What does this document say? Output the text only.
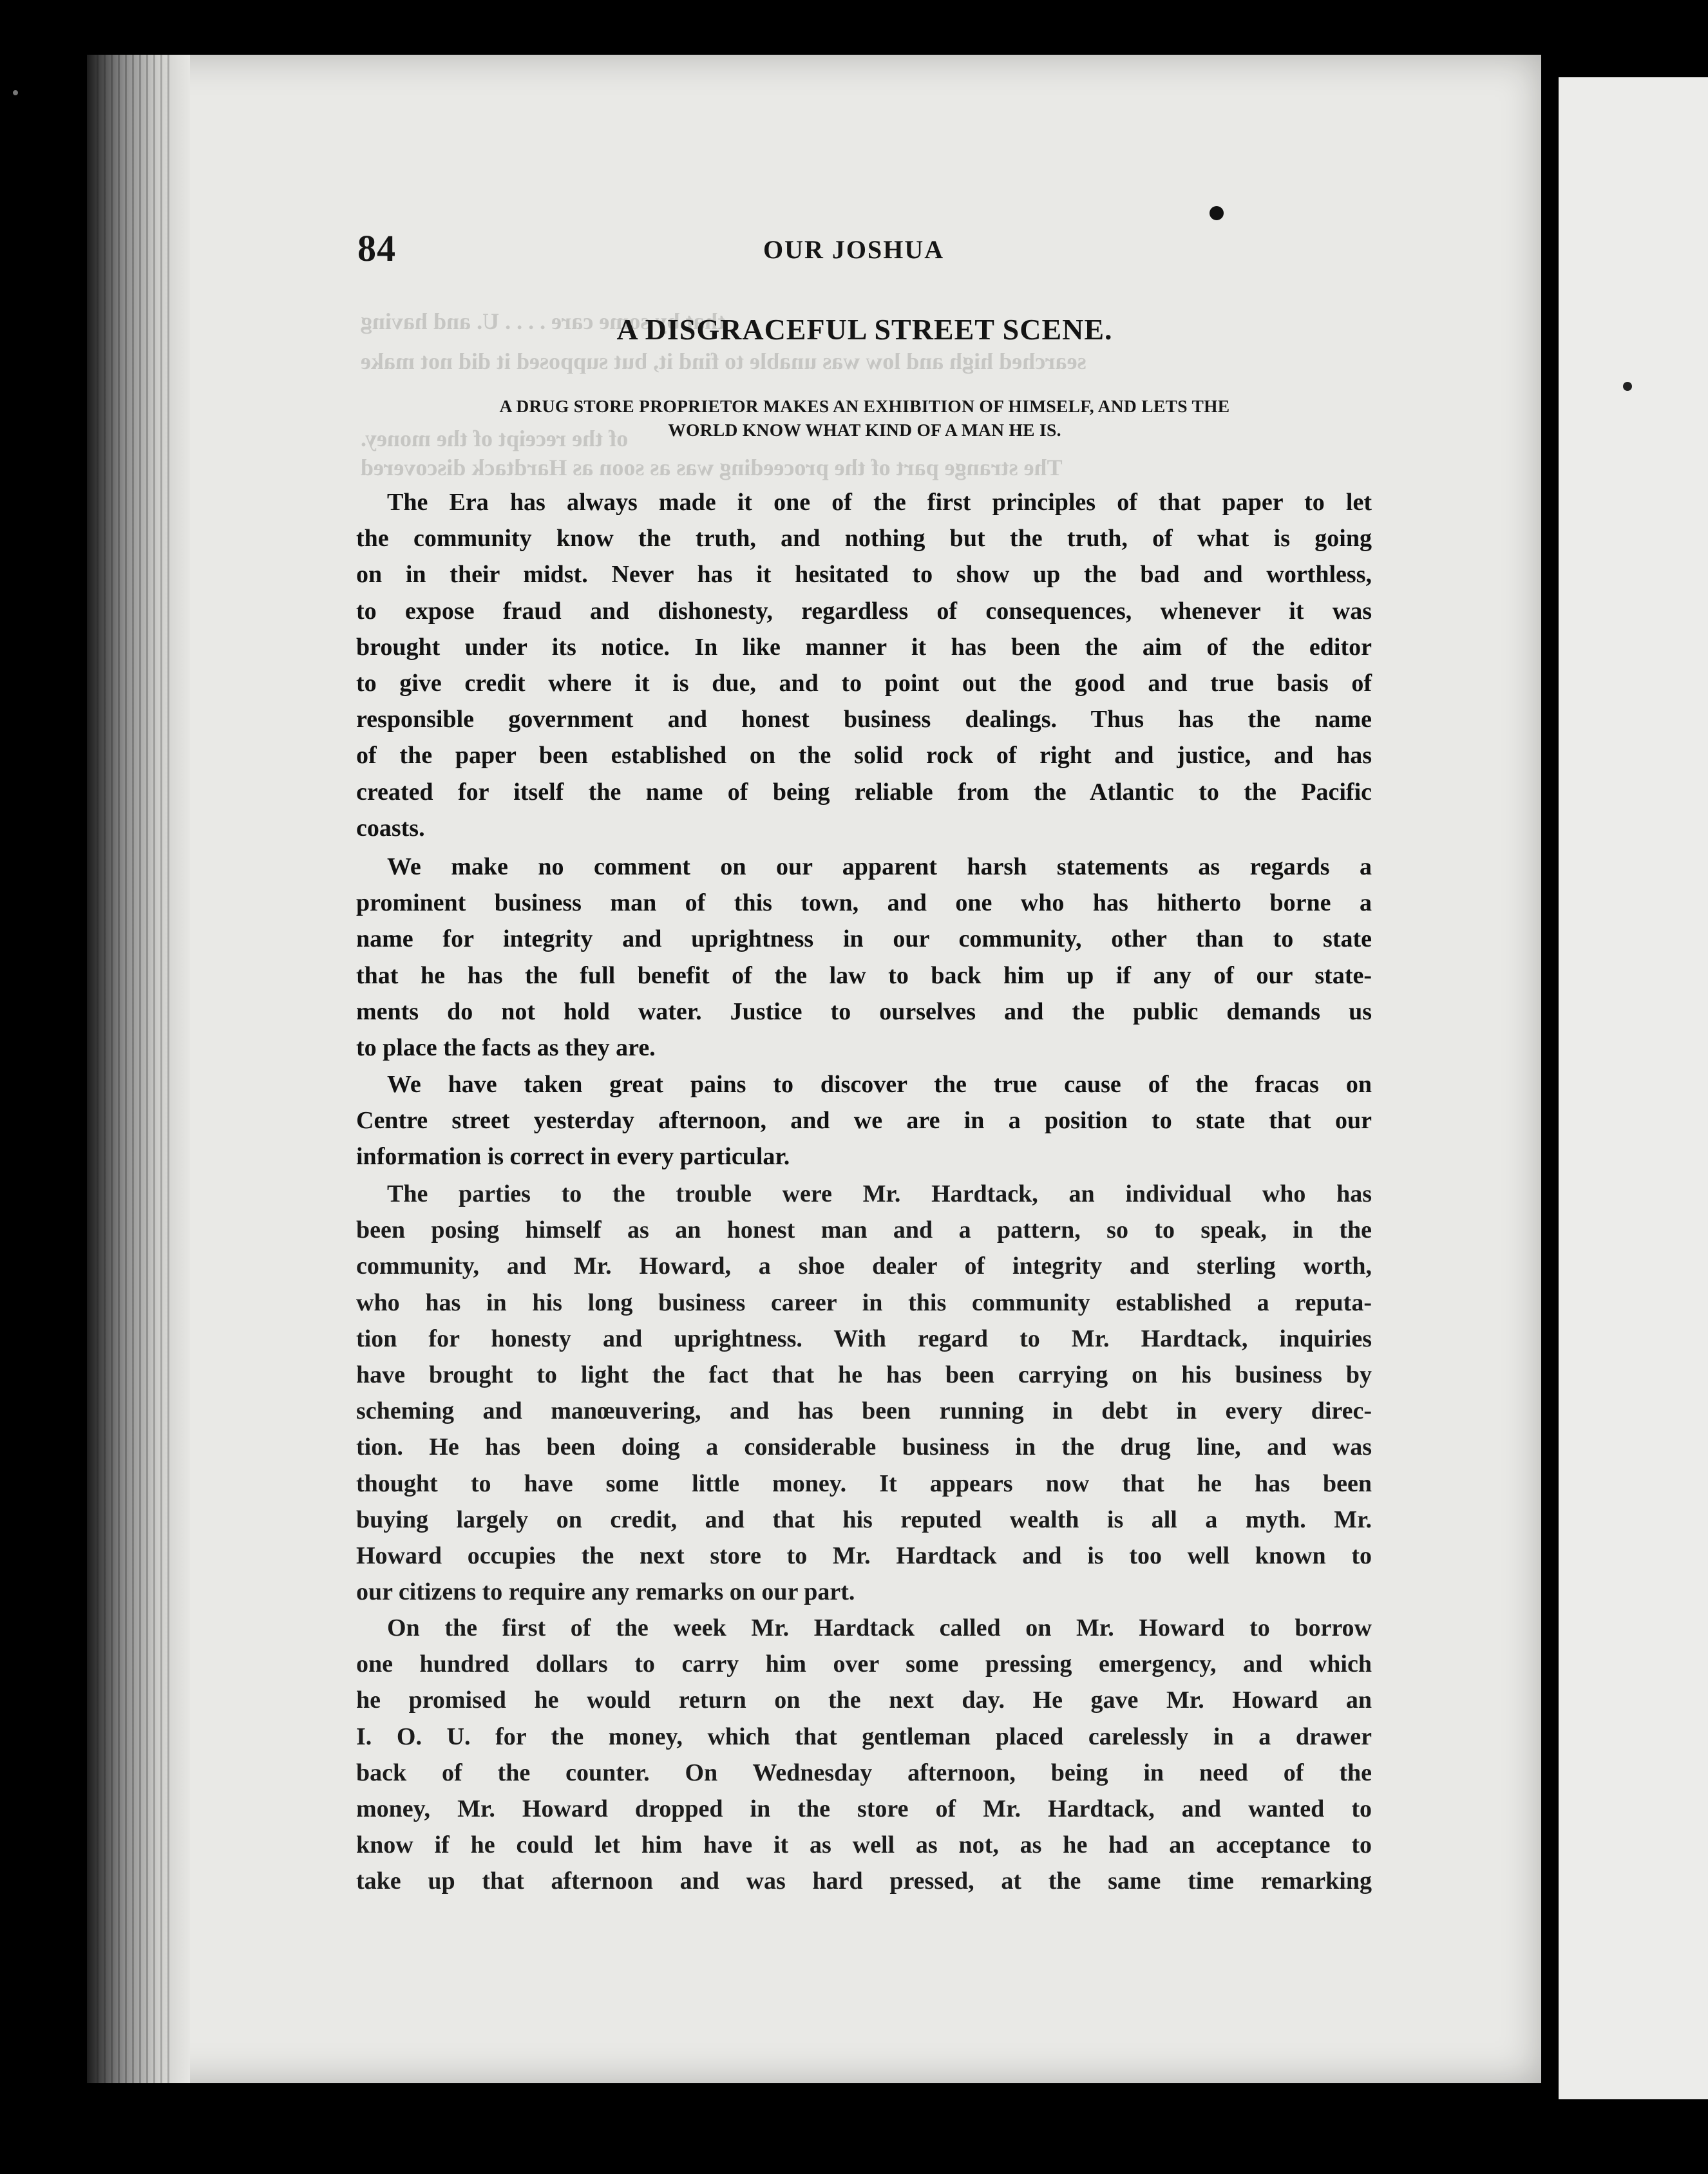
that by some care . . . . U. and having
searched high and low was unable to find it, but supposed it did not make
of the receipt of the money.
The strange part of the proceeding was as soon as Hardtack discovered
84	OUR JOSHUA
A DISGRACEFUL STREET SCENE.
A DRUG STORE PROPRIETOR MAKES AN EXHIBITION OF HIMSELF, AND LETS THE
WORLD KNOW WHAT KIND OF A MAN HE IS.
The Era has always made it one of the first principles of that paper to let
the community know the truth, and nothing but the truth, of what is going
on in their midst. Never has it hesitated to show up the bad and worthless,
to expose fraud and dishonesty, regardless of consequences, whenever it was
brought under its notice. In like manner it has been the aim of the editor
to give credit where it is due, and to point out the good and true basis of
responsible government and honest business dealings. Thus has the name
of the paper been established on the solid rock of right and justice, and has
created for itself the name of being reliable from the Atlantic to the Pacific
coasts.
We make no comment on our apparent harsh statements as regards a
prominent business man of this town, and one who has hitherto borne a
name for integrity and uprightness in our community, other than to state
that he has the full benefit of the law to back him up if any of our state-
ments do not hold water. Justice to ourselves and the public demands us
to place the facts as they are.
We have taken great pains to discover the true cause of the fracas on
Centre street yesterday afternoon, and we are in a position to state that our
information is correct in every particular.
The parties to the trouble were Mr. Hardtack, an individual who has
been posing himself as an honest man and a pattern, so to speak, in the
community, and Mr. Howard, a shoe dealer of integrity and sterling worth,
who has in his long business career in this community established a reputa-
tion for honesty and uprightness. With regard to Mr. Hardtack, inquiries
have brought to light the fact that he has been carrying on his business by
scheming and manœuvering, and has been running in debt in every direc-
tion. He has been doing a considerable business in the drug line, and was
thought to have some little money. It appears now that he has been
buying largely on credit, and that his reputed wealth is all a myth. Mr.
Howard occupies the next store to Mr. Hardtack and is too well known to
our citizens to require any remarks on our part.
On the first of the week Mr. Hardtack called on Mr. Howard to borrow
one hundred dollars to carry him over some pressing emergency, and which
he promised he would return on the next day. He gave Mr. Howard an
I. O. U. for the money, which that gentleman placed carelessly in a drawer
back of the counter. On Wednesday afternoon, being in need of the
money, Mr. Howard dropped in the store of Mr. Hardtack, and wanted to
know if he could let him have it as well as not, as he had an acceptance to
take up that afternoon and was hard pressed, at the same time remarking
